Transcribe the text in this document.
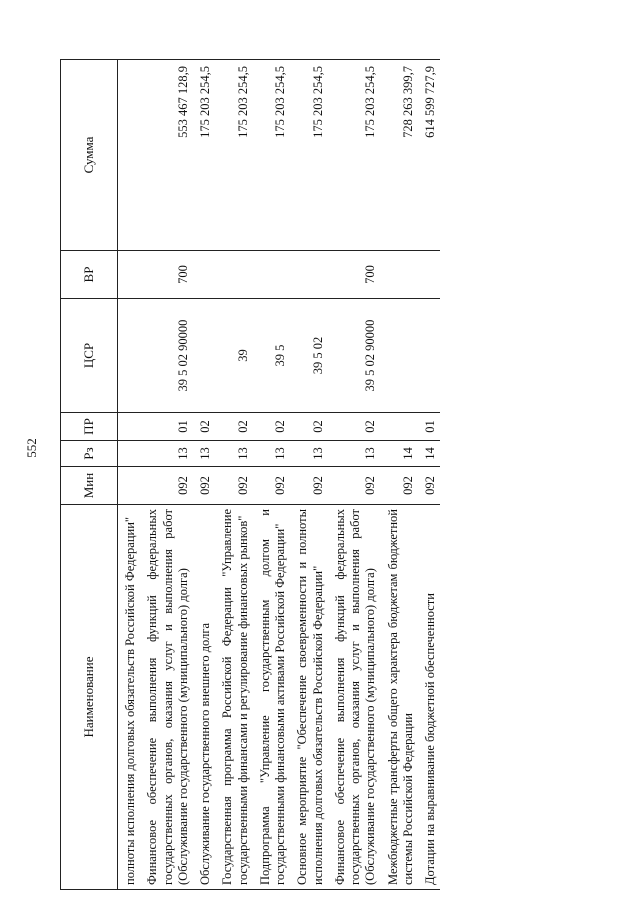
552
Наименование	Мин	Рз	ПР	ЦСР	ВР	Сумма
полноты исполнения долговых обязательств Российской Федерации"						
Финансовое обеспечение выполнения функций федеральных государственных органов, оказания услуг и выполнения работ (Обслуживание государственного (муниципального) долга)	092	13	01	39 5 02 90000	700	553 467 128,9
Обслуживание государственного внешнего долга	092	13	02			175 203 254,5
Государственная программа Российской Федерации "Управление государственными финансами и регулирование финансовых рынков"	092	13	02	39		175 203 254,5
Подпрограмма "Управление государственным долгом и государственными финансовыми активами Российской Федерации"	092	13	02	39 5		175 203 254,5
Основное мероприятие "Обеспечение своевременности и полноты исполнения долговых обязательств Российской Федерации"	092	13	02	39 5 02		175 203 254,5
Финансовое обеспечение выполнения функций федеральных государственных органов, оказания услуг и выполнения работ (Обслуживание государственного (муниципального) долга)	092	13	02	39 5 02 90000	700	175 203 254,5
Межбюджетные трансферты общего характера бюджетам бюджетной системы Российской Федерации	092	14				728 263 399,7
Дотации на выравнивание бюджетной обеспеченности	092	14	01			614 599 727,9
